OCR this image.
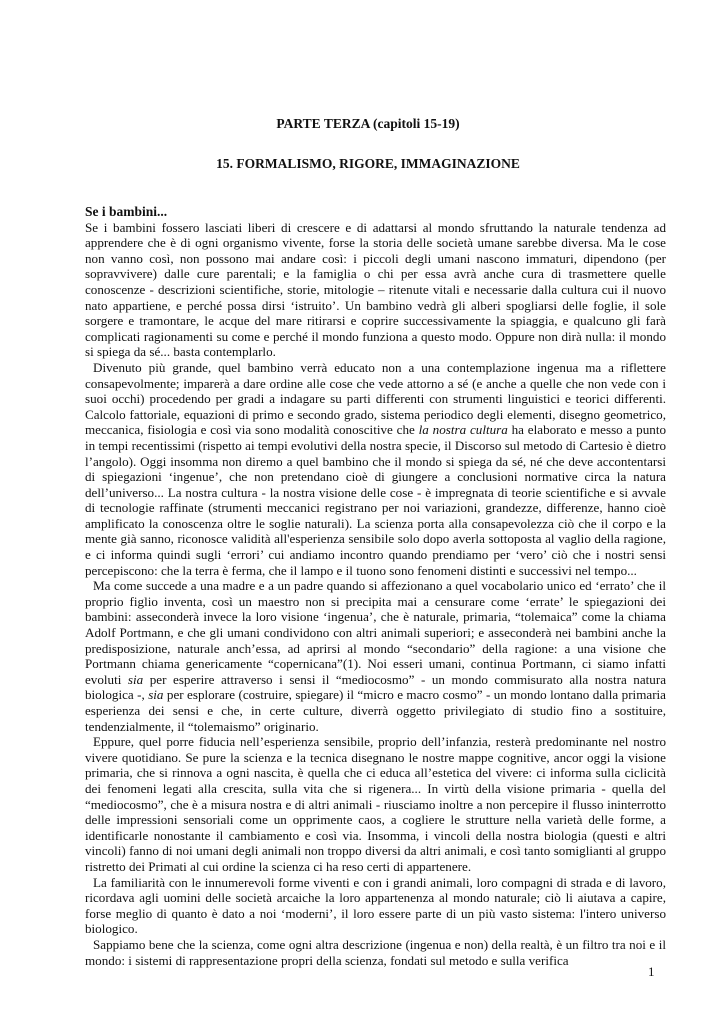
PARTE TERZA (capitoli 15-19)
15. FORMALISMO, RIGORE, IMMAGINAZIONE
Se i bambini...

Se i bambini fossero lasciati liberi di crescere e di adattarsi al mondo sfruttando la naturale tendenza ad apprendere che è di ogni organismo vivente, forse la storia delle società umane sarebbe diversa. Ma le cose non vanno così, non possono mai andare così: i piccoli degli umani nascono immaturi, dipendono (per sopravvivere) dalle cure parentali; e la famiglia o chi per essa avrà anche cura di trasmettere quelle conoscenze - descrizioni scientifiche, storie, mitologie – ritenute vitali e necessarie dalla cultura cui il nuovo nato appartiene, e perché possa dirsi ‘istruito’. Un bambino vedrà gli alberi spogliarsi delle foglie, il sole sorgere e tramontare, le acque del mare ritirarsi e coprire successivamente la spiaggia, e qualcuno gli farà complicati ragionamenti su come e perché il mondo funziona a questo modo. Oppure non dirà nulla: il mondo si spiega da sé... basta contemplarlo.

Divenuto più grande, quel bambino verrà educato non a una contemplazione ingenua ma a riflettere consapevolmente; imparerà a dare ordine alle cose che vede attorno a sé (e anche a quelle che non vede con i suoi occhi) procedendo per gradi a indagare su parti differenti con strumenti linguistici e teorici differenti. Calcolo fattoriale, equazioni di primo e secondo grado, sistema periodico degli elementi, disegno geometrico, meccanica, fisiologia e così via sono modalità conoscitive che la nostra cultura ha elaborato e messo a punto in tempi recentissimi (rispetto ai tempi evolutivi della nostra specie, il Discorso sul metodo di Cartesio è dietro l’angolo). Oggi insomma non diremo a quel bambino che il mondo si spiega da sé, né che deve accontentarsi di spiegazioni ‘ingenue’, che non pretendano cioè di giungere a conclusioni normative circa la natura dell’universo... La nostra cultura - la nostra visione delle cose - è impregnata di teorie scientifiche e si avvale di tecnologie raffinate (strumenti meccanici registrano per noi variazioni, grandezze, differenze, hanno cioè amplificato la conoscenza oltre le soglie naturali). La scienza porta alla consapevolezza ciò che il corpo e la mente già sanno, riconosce validità all'esperienza sensibile solo dopo averla sottoposta al vaglio della ragione, e ci informa quindi sugli ‘errori’ cui andiamo incontro quando prendiamo per ‘vero’ ciò che i nostri sensi percepiscono: che la terra è ferma, che il lampo e il tuono sono fenomeni distinti e successivi nel tempo...

Ma come succede a una madre e a un padre quando si affezionano a quel vocabolario unico ed ‘errato’ che il proprio figlio inventa, così un maestro non si precipita mai a censurare come ‘errate’ le spiegazioni dei bambini: asseconderà invece la loro visione ‘ingenua’, che è naturale, primaria, “tolemaica” come la chiama Adolf Portmann, e che gli umani condividono con altri animali superiori; e asseconderà nei bambini anche la predisposizione, naturale anch’essa, ad aprirsi al mondo “secondario” della ragione: a una visione che Portmann chiama genericamente “copernicana”(1). Noi esseri umani, continua Portmann, ci siamo infatti evoluti sia per esperire attraverso i sensi il “mediocosmo” - un mondo commisurato alla nostra natura biologica -, sia per esplorare (costruire, spiegare) il “micro e macro cosmo” - un mondo lontano dalla primaria esperienza dei sensi e che, in certe culture, diverrà oggetto privilegiato di studio fino a sostituire, tendenzialmente, il “tolemaismo” originario.

Eppure, quel porre fiducia nell’esperienza sensibile, proprio dell’infanzia, resterà predominante nel nostro vivere quotidiano. Se pure la scienza e la tecnica disegnano le nostre mappe cognitive, ancor oggi la visione primaria, che si rinnova a ogni nascita, è quella che ci educa all’estetica del vivere: ci informa sulla ciclicità dei fenomeni legati alla crescita, sulla vita che si rigenera... In virtù della visione primaria - quella del “mediocosmo”, che è a misura nostra e di altri animali - riusciamo inoltre a non percepire il flusso ininterrotto delle impressioni sensoriali come un opprimente caos, a cogliere le strutture nella varietà delle forme, a identificarle nonostante il cambiamento e così via. Insomma, i vincoli della nostra biologia (questi e altri vincoli) fanno di noi umani degli animali non troppo diversi da altri animali, e così tanto somiglianti al gruppo ristretto dei Primati al cui ordine la scienza ci ha reso certi di appartenere.

La familiarità con le innumerevoli forme viventi e con i grandi animali, loro compagni di strada e di lavoro, ricordava agli uomini delle società arcaiche la loro appartenenza al mondo naturale; ciò li aiutava a capire, forse meglio di quanto è dato a noi ‘moderni’, il loro essere parte di un più vasto sistema: l'intero universo biologico.

Sappiamo bene che la scienza, come ogni altra descrizione (ingenua e non) della realtà, è un filtro tra noi e il mondo: i sistemi di rappresentazione propri della scienza, fondati sul metodo e sulla verifica

1
